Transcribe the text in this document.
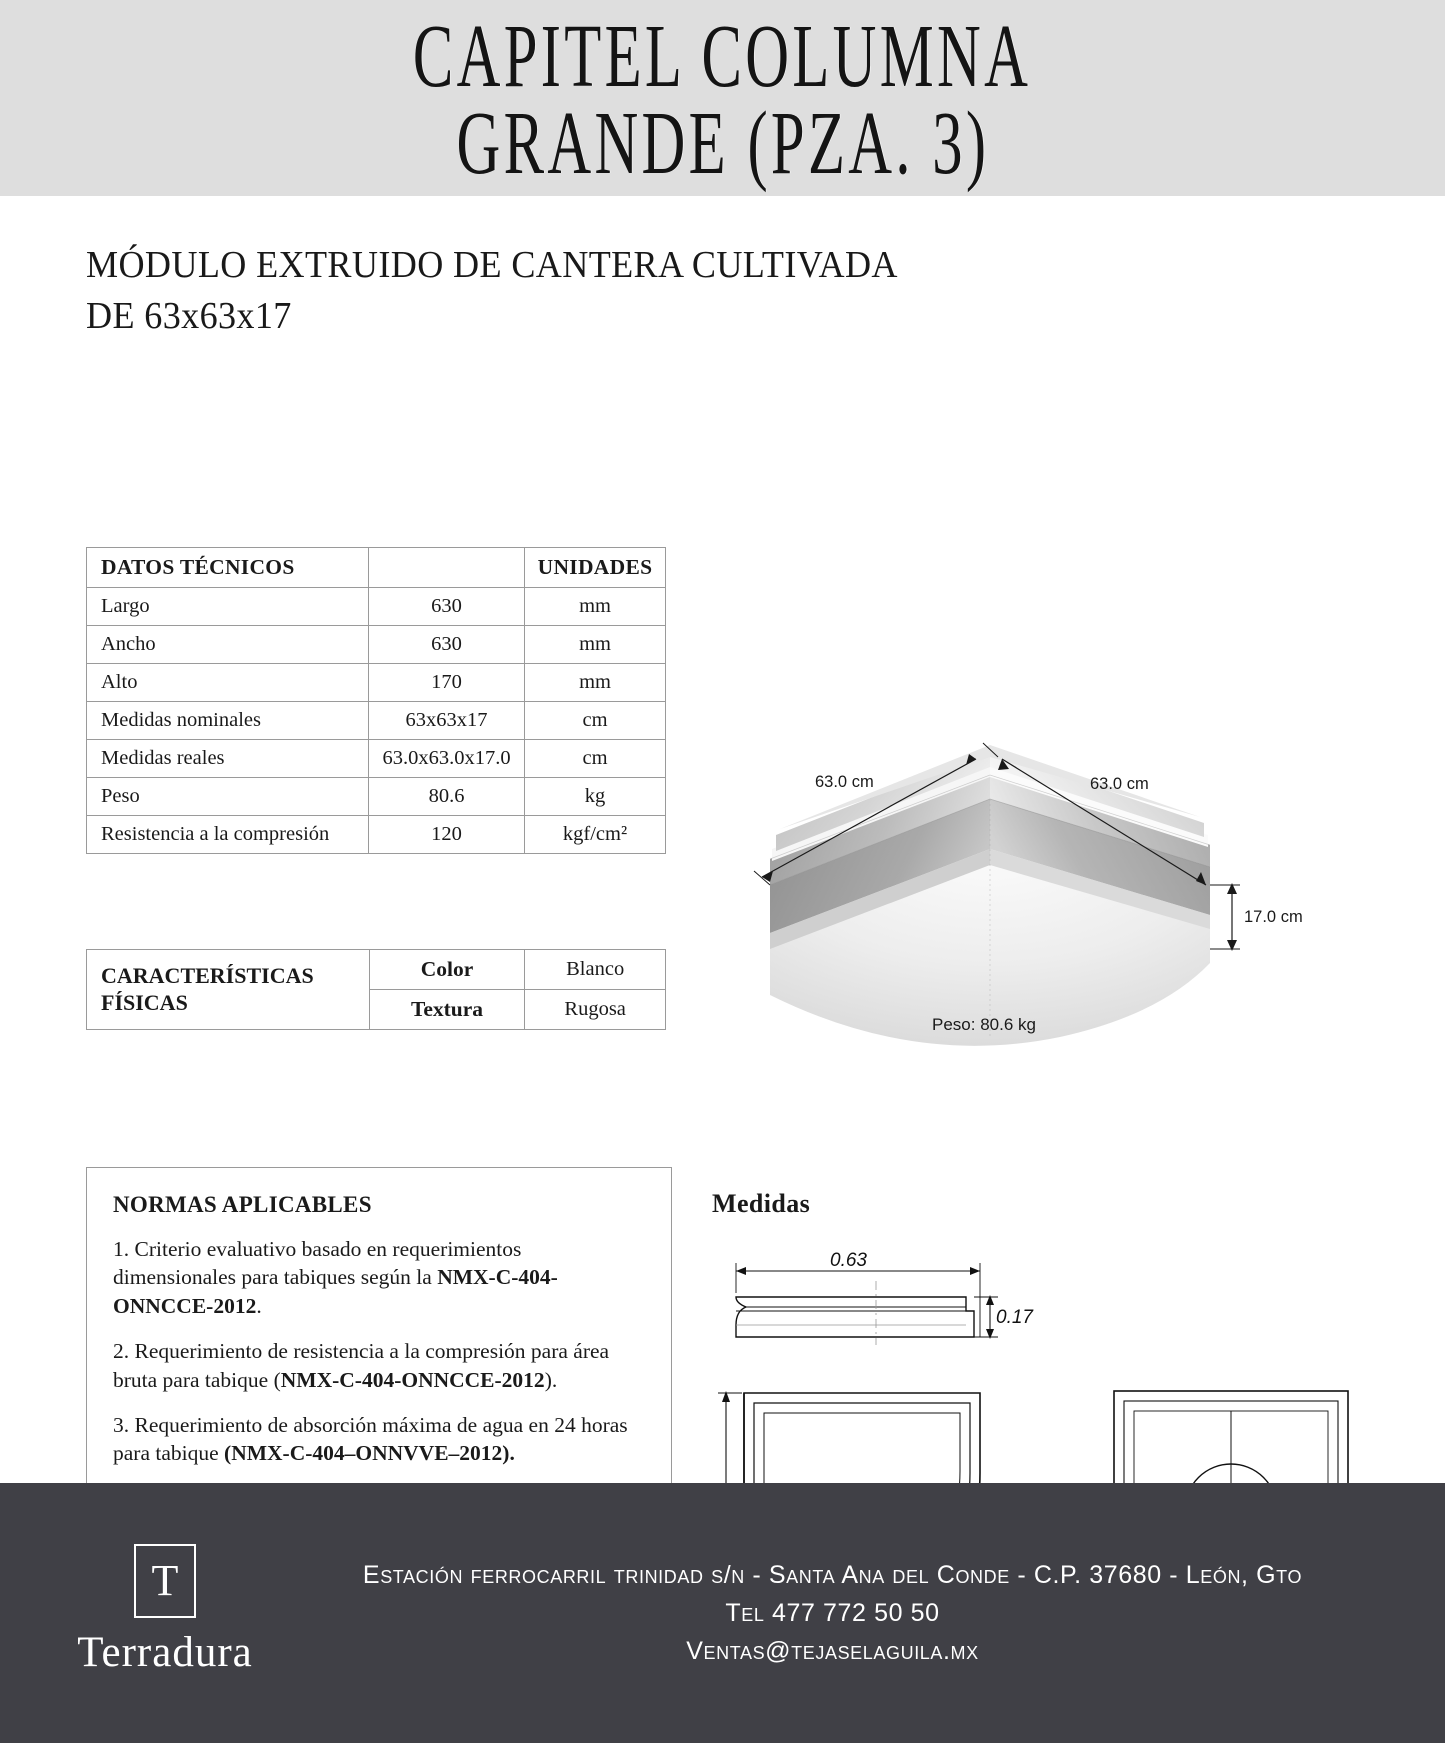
CAPITEL COLUMNA
GRANDE (PZA. 3)
MÓDULO EXTRUIDO DE CANTERA CULTIVADA
DE 63x63x17
DATOS TÉCNICOS		UNIDADES
Largo	630	mm
Ancho	630	mm
Alto	170	mm
Medidas nominales	63x63x17	cm
Medidas reales	63.0x63.0x17.0	cm
Peso	80.6	kg
Resistencia a la compresión	120	kgf/cm²
CARACTERÍSTICAS
FÍSICAS	Color	Blanco
	Textura	Rugosa
NORMAS APLICABLES
1. Criterio evaluativo basado en requerimientos dimensionales para tabiques según la NMX-C-404-ONNCCE-2012.
2. Requerimiento de resistencia a la compresión para área bruta para tabique (NMX-C-404-ONNCCE-2012).
3. Requerimiento de absorción máxima de agua en 24 horas para tabique (NMX-C-404–ONNVVE–2012).
63.0 cm	63.0 cm
17.0 cm
Peso: 80.6 kg
Medidas
0.63
0.17
T
Terradura
Estación ferrocarril trinidad s/n - Santa Ana del Conde - C.P. 37680 - León, Gto
Tel 477 772 50 50
Ventas@tejaselaguila.mx
